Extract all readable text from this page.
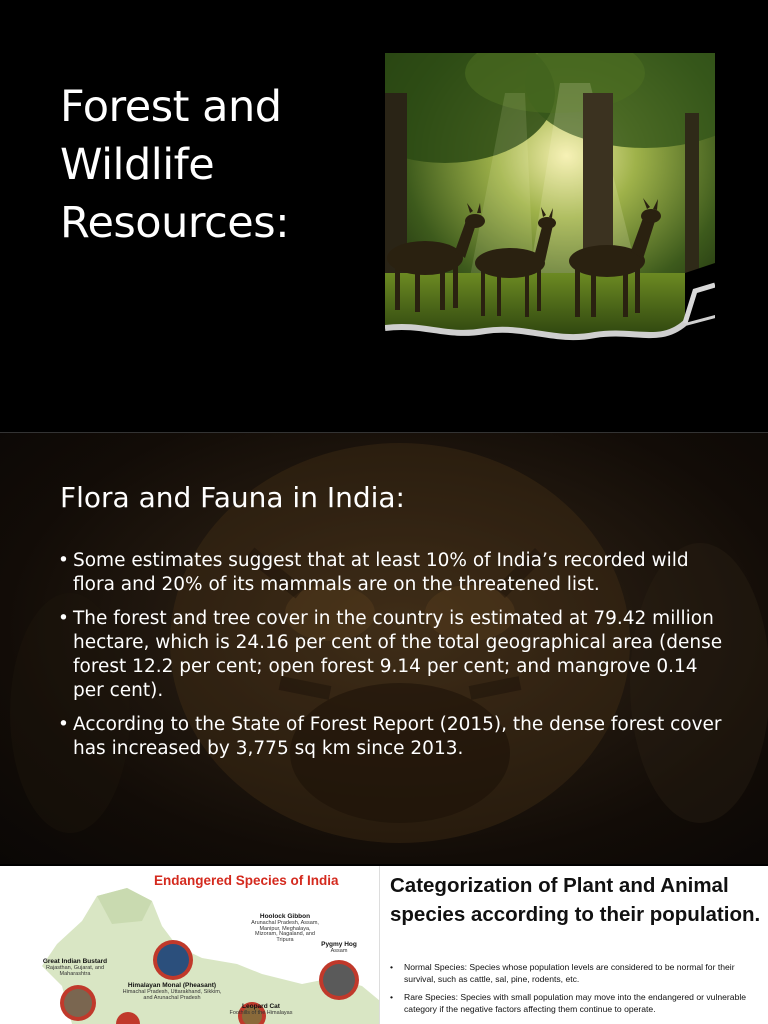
Forest and
Wildlife
Resources:
Flora and Fauna in India:
• Some estimates suggest that at least 10% of India’s recorded wild flora and 20% of its mammals are on the threatened list.
• The forest and tree cover in the country is estimated at 79.42 million hectare, which is 24.16 per cent of the total geographical area (dense forest 12.2 per cent; open forest 9.14 per cent; and mangrove 0.14 per cent).
• According to the State of Forest Report (2015), the dense forest cover has increased by 3,775 sq km since 2013.
Endangered Species of India
Hoolock Gibbon
Arunachal Pradesh, Assam, Manipur, Meghalaya, Mizoram, Nagaland, and Tripura
Pygmy Hog
Assam
Great Indian Bustard
Rajasthan, Gujarat, and Maharashtra
Himalayan Monal (Pheasant)
Himachal Pradesh, Uttarakhand, Sikkim, and Arunachal Pradesh
Leopard Cat
Foothills of the Himalayas
Categorization of Plant and Animal species according to their population.
• Normal Species: Species whose population levels are considered to be normal for their survival, such as cattle, sal, pine, rodents, etc.
• Rare Species: Species with small population may move into the endangered or vulnerable category if the negative factors affecting them continue to operate.
